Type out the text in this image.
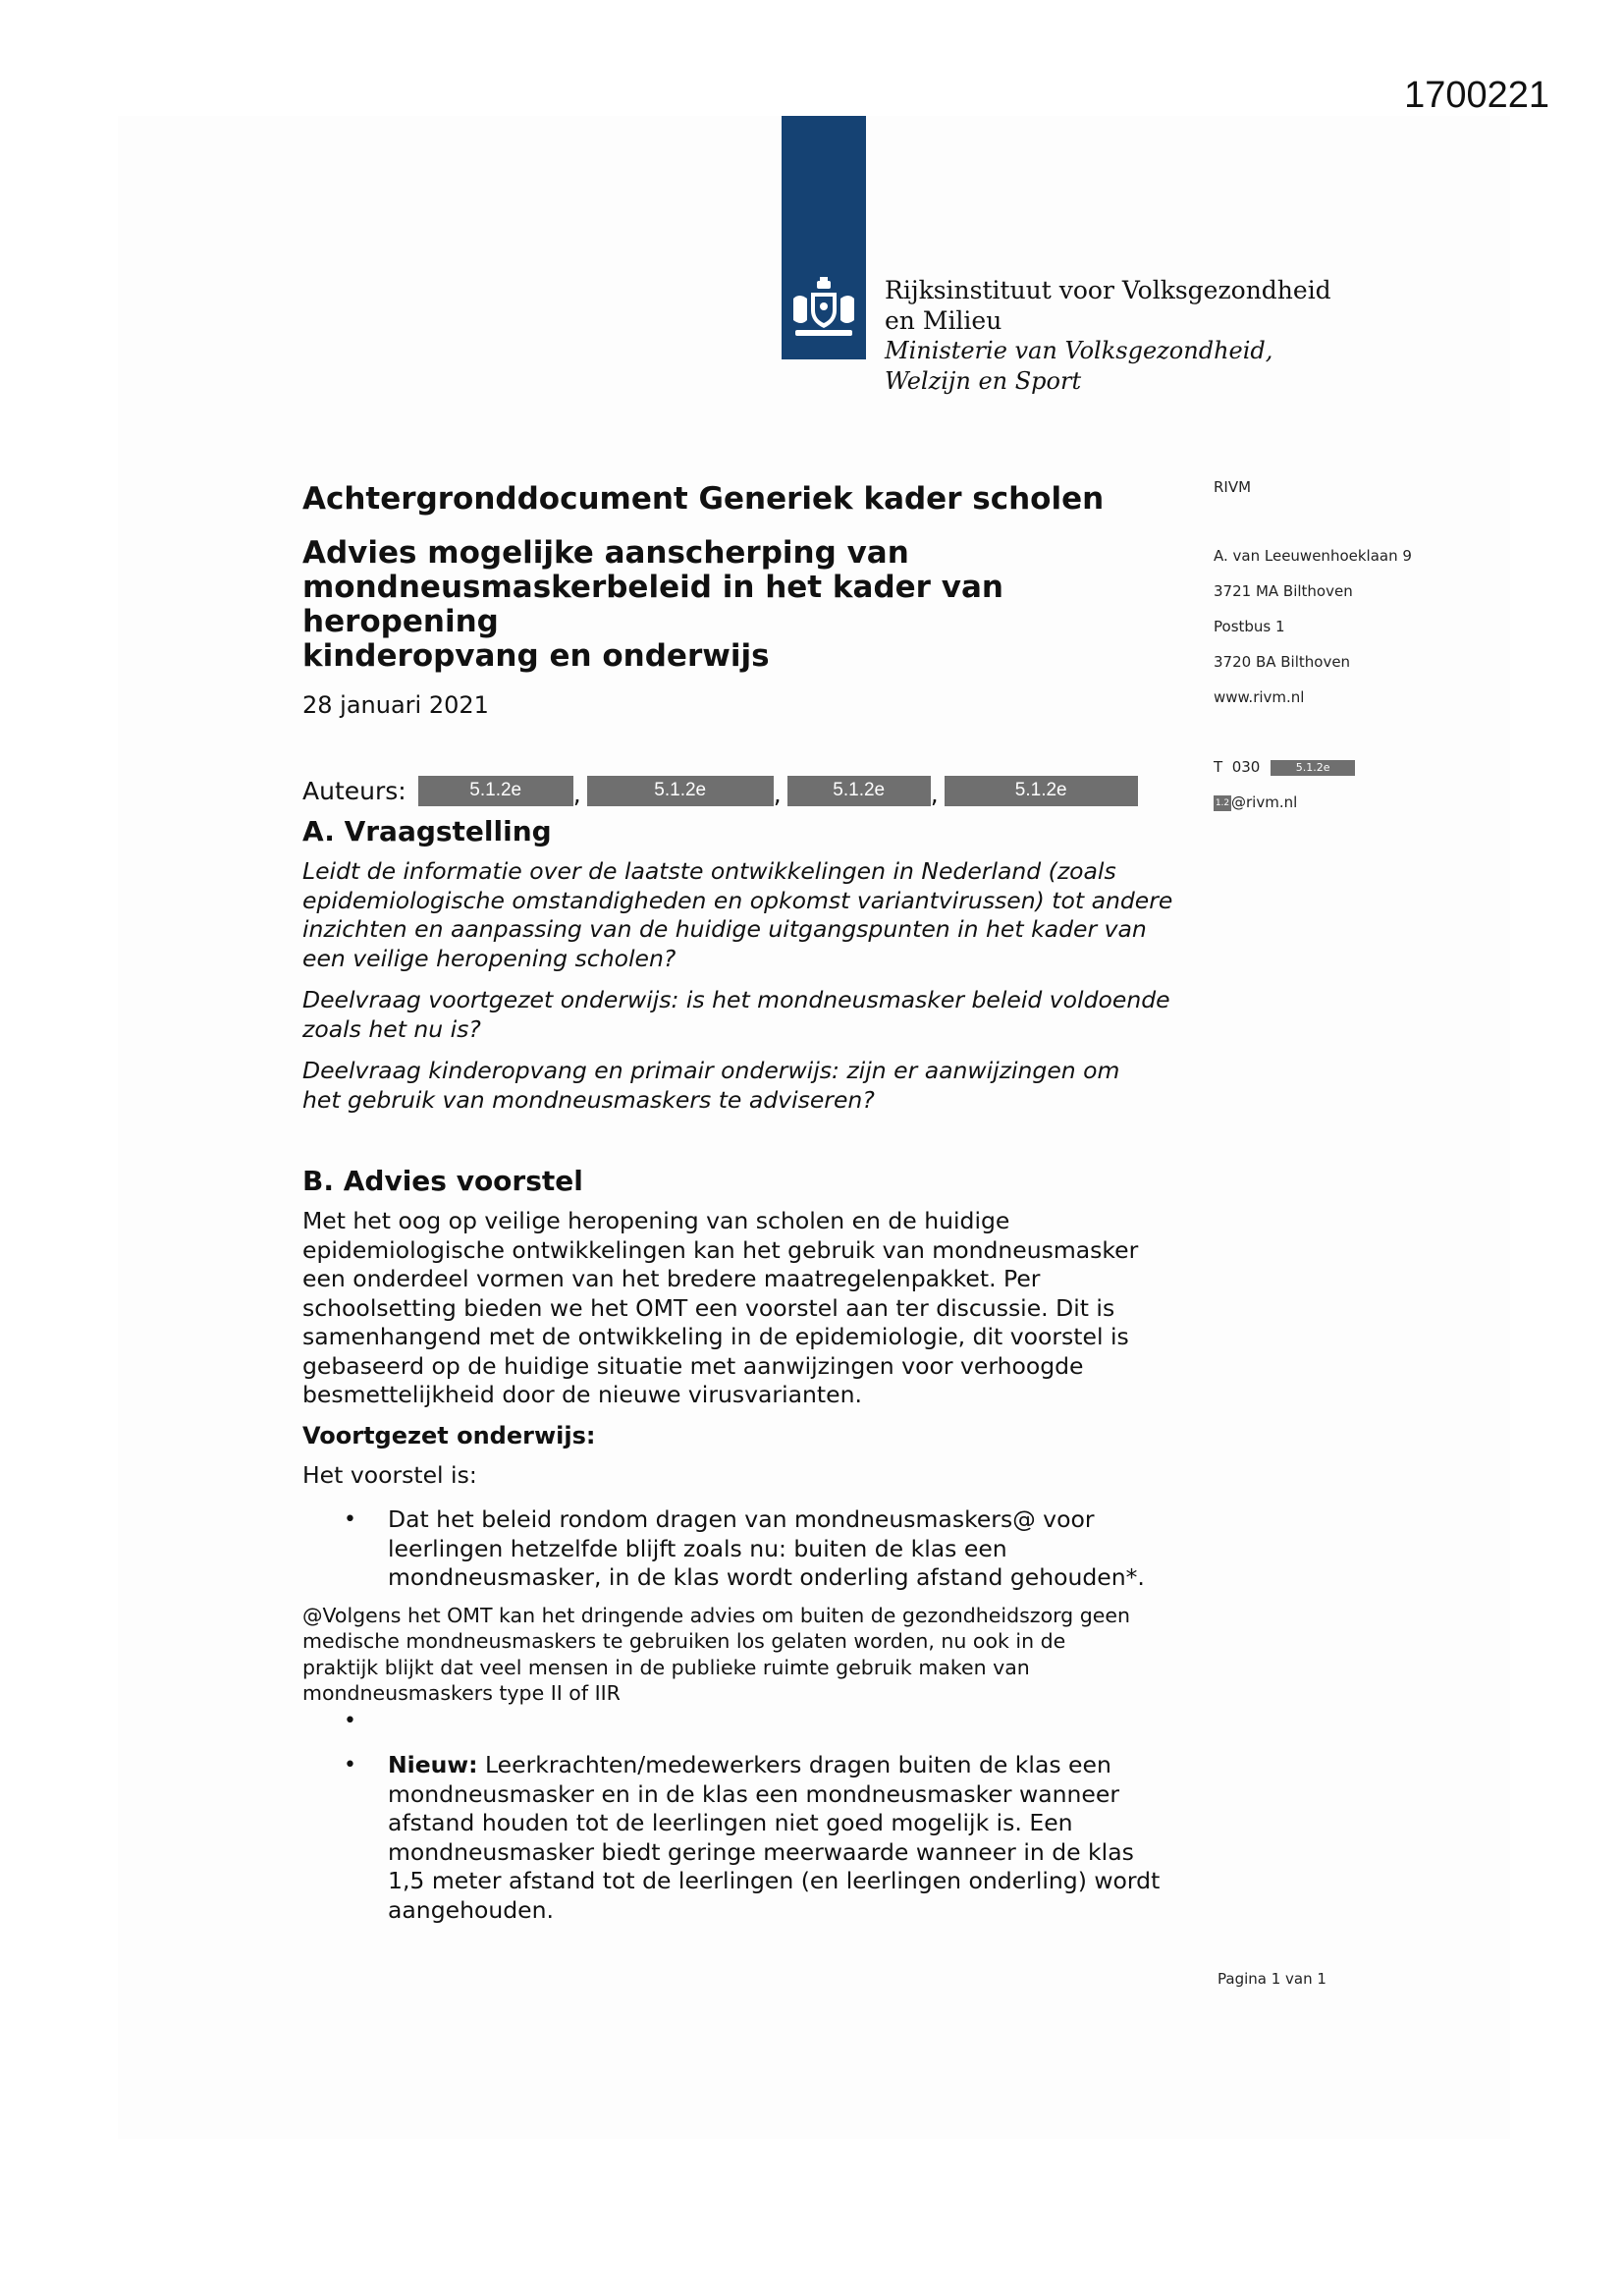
1700221
Rijksinstituut voor Volksgezondheid
en Milieu
Ministerie van Volksgezondheid,
Welzijn en Sport
Achtergronddocument Generiek kader scholen
Advies mogelijke aanscherping van
mondneusmaskerbeleid in het kader van heropening
kinderopvang en onderwijs
28 januari 2021
Auteurs:	5.1.2e	,	5.1.2e	,	5.1.2e	,	5.1.2e
A. Vraagstelling
Leidt de informatie over de laatste ontwikkelingen in Nederland (zoals
epidemiologische omstandigheden en opkomst variantvirussen) tot andere
inzichten en aanpassing van de huidige uitgangspunten in het kader van
een veilige heropening scholen?
Deelvraag voortgezet onderwijs: is het mondneusmasker beleid voldoende
zoals het nu is?
Deelvraag kinderopvang en primair onderwijs: zijn er aanwijzingen om
het gebruik van mondneusmaskers te adviseren?
B. Advies voorstel
Met het oog op veilige heropening van scholen en de huidige
epidemiologische ontwikkelingen kan het gebruik van mondneusmasker
een onderdeel vormen van het bredere maatregelenpakket. Per
schoolsetting bieden we het OMT een voorstel aan ter discussie. Dit is
samenhangend met de ontwikkeling in de epidemiologie, dit voorstel is
gebaseerd op de huidige situatie met aanwijzingen voor verhoogde
besmettelijkheid door de nieuwe virusvarianten.
Voortgezet onderwijs:
Het voorstel is:
• Dat het beleid rondom dragen van mondneusmaskers@ voor
leerlingen hetzelfde blijft zoals nu: buiten de klas een
mondneusmasker, in de klas wordt onderling afstand gehouden*.
@Volgens het OMT kan het dringende advies om buiten de gezondheidszorg geen
medische mondneusmaskers te gebruiken los gelaten worden, nu ook in de
praktijk blijkt dat veel mensen in de publieke ruimte gebruik maken van
mondneusmaskers type II of IIR
•
• Nieuw: Leerkrachten/medewerkers dragen buiten de klas een
mondneusmasker en in de klas een mondneusmasker wanneer
afstand houden tot de leerlingen niet goed mogelijk is. Een
mondneusmasker biedt geringe meerwaarde wanneer in de klas
1,5 meter afstand tot de leerlingen (en leerlingen onderling) wordt
aangehouden.
RIVM
A. van Leeuwenhoeklaan 9
3721 MA Bilthoven
Postbus 1
3720 BA Bilthoven
www.rivm.nl
T  030	5.1.2e
1.2 @rivm.nl
Pagina 1 van 1
